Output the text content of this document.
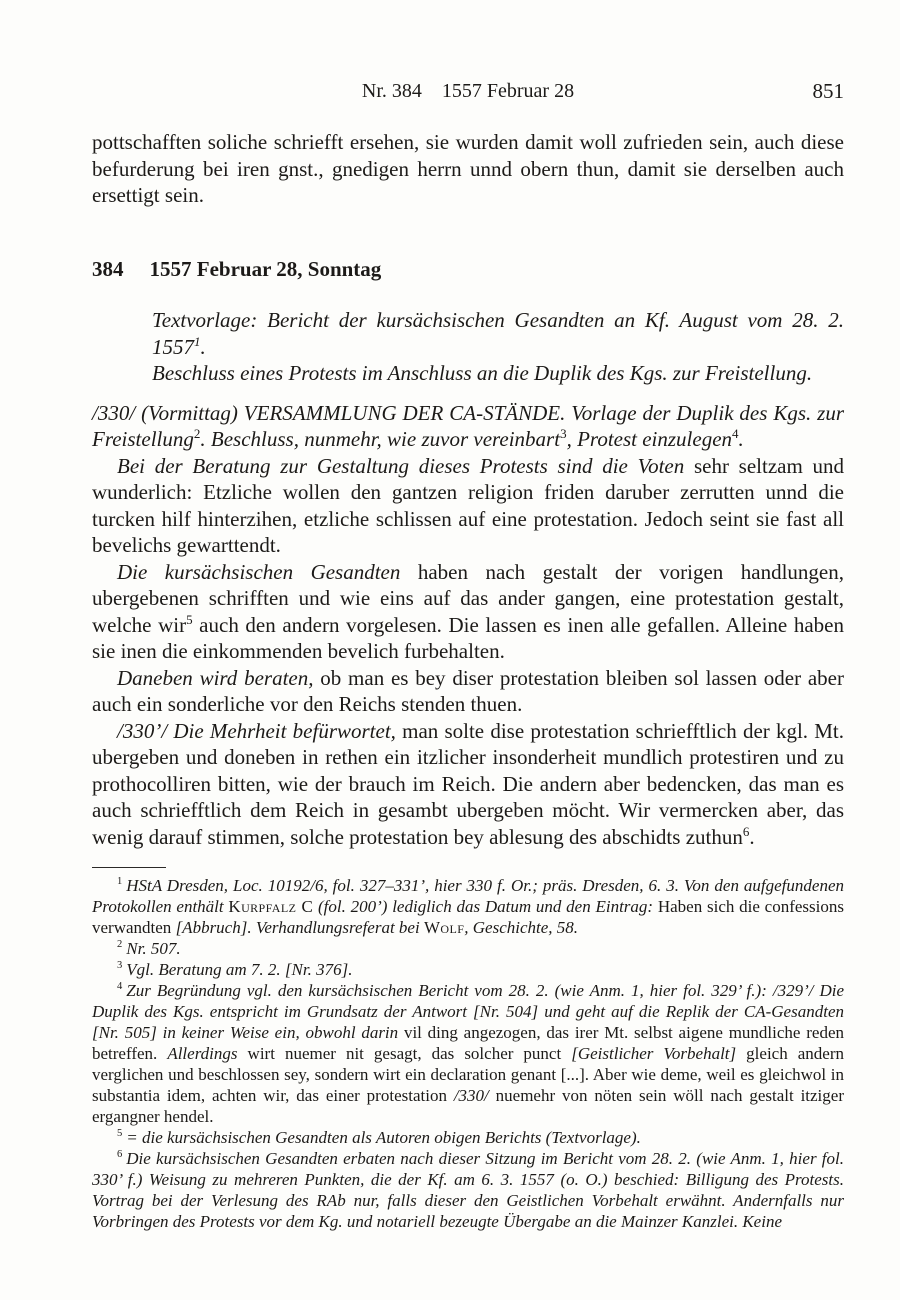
Nr. 384    1557 Februar 28	851

pottschafften soliche schriefft ersehen, sie wurden damit woll zufrieden sein, auch diese befurderung bei iren gnst., gnedigen herrn unnd obern thun, damit sie derselben auch ersettigt sein.

384 1557 Februar 28, Sonntag

Textvorlage: Bericht der kursächsischen Gesandten an Kf. August vom 28. 2. 1557$^1$.

Beschluss eines Protests im Anschluss an die Duplik des Kgs. zur Freistellung.

/330/ (Vormittag) VERSAMMLUNG DER CA-STÄNDE. Vorlage der Duplik des Kgs. zur Freistellung$^2$. Beschluss, nunmehr, wie zuvor vereinbart$^3$, Protest einzulegen$^4$.

Bei der Beratung zur Gestaltung dieses Protests sind die Voten sehr seltzam und wunderlich: Etzliche wollen den gantzen religion friden daruber zerrutten unnd die turcken hilf hinterzihen, etzliche schlissen auf eine protestation. Jedoch seint sie fast all bevelichs gewarttendt.

Die kursächsischen Gesandten haben nach gestalt der vorigen handlungen, ubergebenen schrifften und wie eins auf das ander gangen, eine protestation gestalt, welche wir$^5$ auch den andern vorgelesen. Die lassen es inen alle gefallen. Alleine haben sie inen die einkommenden bevelich furbehalten.

Daneben wird beraten, ob man es bey diser protestation bleiben sol lassen oder aber auch ein sonderliche vor den Reichs stenden thuen.

/330’/ Die Mehrheit befürwortet, man solte dise protestation schriefftlich der kgl. Mt. ubergeben und doneben in rethen ein itzlicher insonderheit mundlich protestiren und zu prothocolliren bitten, wie der brauch im Reich. Die andern aber bedencken, das man es auch schriefftlich dem Reich in gesambt ubergeben möcht. Wir vermercken aber, das wenig darauf stimmen, solche protestation bey ablesung des abschidts zuthun$^6$.

$^1$ HStA Dresden, Loc. 10192/6, fol. 327–331’, hier 330 f. Or.; präs. Dresden, 6. 3. Von den aufgefundenen Protokollen enthält Kurpfalz C (fol. 200’) lediglich das Datum und den Eintrag: Haben sich die confessions verwandten [Abbruch]. Verhandlungsreferat bei Wolf, Geschichte, 58.

$^2$ Nr. 507.

$^3$ Vgl. Beratung am 7. 2. [Nr. 376].

$^4$ Zur Begründung vgl. den kursächsischen Bericht vom 28. 2. (wie Anm. 1, hier fol. 329’ f.): /329’/ Die Duplik des Kgs. entspricht im Grundsatz der Antwort [Nr. 504] und geht auf die Replik der CA-Gesandten [Nr. 505] in keiner Weise ein, obwohl darin vil ding angezogen, das irer Mt. selbst aigene mundliche reden betreffen. Allerdings wirt nuemer nit gesagt, das solcher punct [Geistlicher Vorbehalt] gleich andern verglichen und beschlossen sey, sondern wirt ein declaration genant [...]. Aber wie deme, weil es gleichwol in substantia idem, achten wir, das einer protestation /330/ nuemehr von nöten sein wöll nach gestalt itziger ergangner hendel.

$^5$ = die kursächsischen Gesandten als Autoren obigen Berichts (Textvorlage).

$^6$ Die kursächsischen Gesandten erbaten nach dieser Sitzung im Bericht vom 28. 2. (wie Anm. 1, hier fol. 330’ f.) Weisung zu mehreren Punkten, die der Kf. am 6. 3. 1557 (o. O.) beschied: Billigung des Protests. Vortrag bei der Verlesung des RAb nur, falls dieser den Geistlichen Vorbehalt erwähnt. Andernfalls nur Vorbringen des Protests vor dem Kg. und notariell bezeugte Übergabe an die Mainzer Kanzlei. Keine
